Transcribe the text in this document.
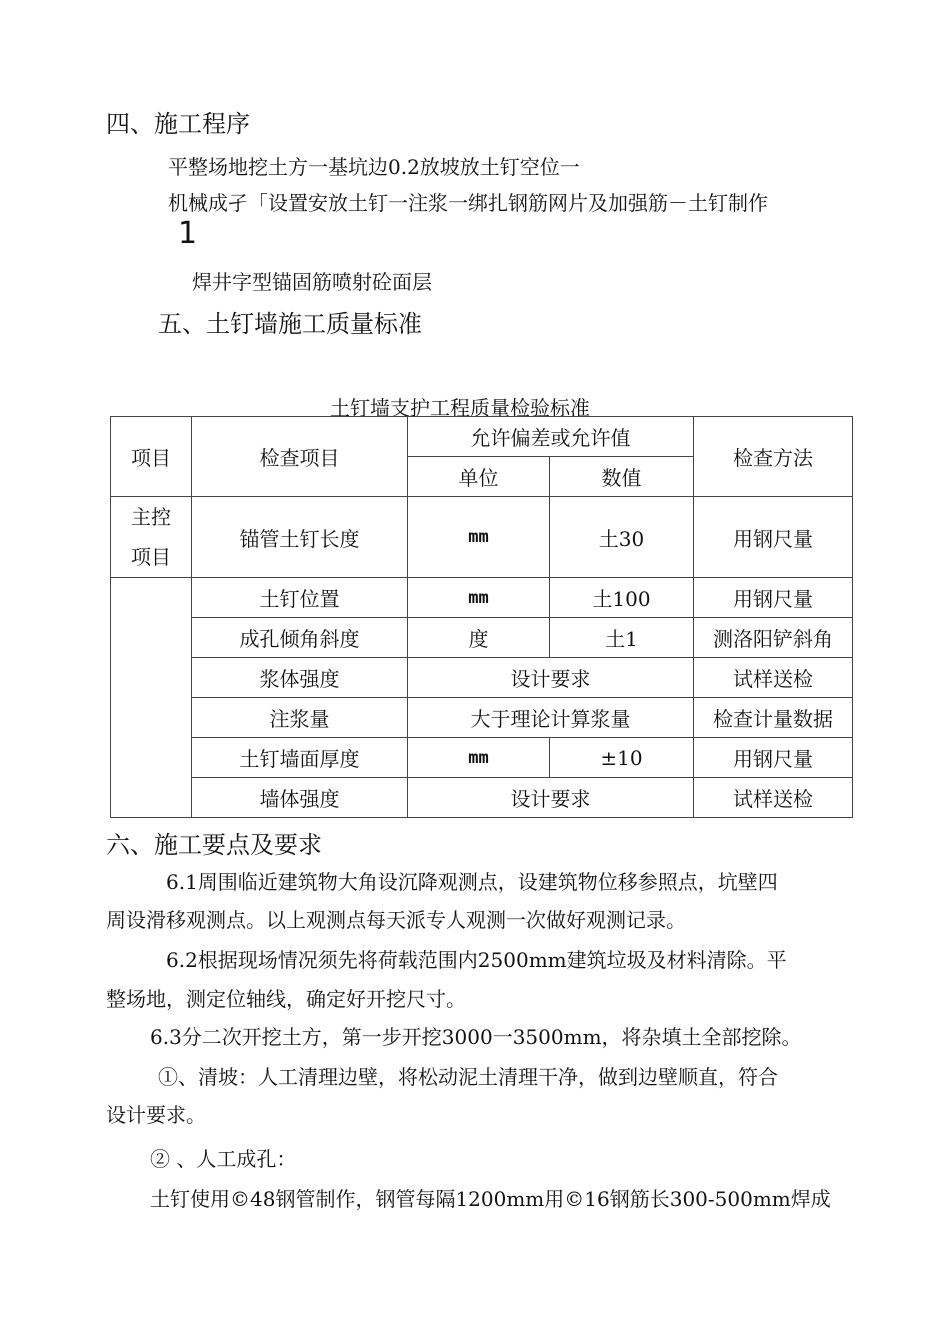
四、施工程序
平整场地挖土方一基坑边0.2放坡放土钉空位一
机械成孑「设置安放土钉一注浆一绑扎钢筋网片及加强筋－土钉制作
1
焊井字型锚固筋喷射砼面层
五、土钉墙施工质量标准
土钉墙支护工程质量检验标准
项目	检查项目	允许偏差或允许值		检查方法
		单位	数值	

主控
项目	锚管土钉长度	mm	土30	用钢尺量
	土钉位置	mm	土100	用钢尺量
	成孔倾角斜度	度	土1	测洛阳铲斜角
	浆体强度	设计要求		试样送检
	注浆量	大于理论计算浆量		检查计量数据
	土钉墙面厚度	mm	±10	用钢尺量
	墙体强度	设计要求		试样送检
六、施工要点及要求
6.1周围临近建筑物大角设沉降观测点，设建筑物位移参照点，坑壁四
周设滑移观测点。以上观测点每天派专人观测一次做好观测记录。
6.2根据现场情况须先将荷载范围内2500mm建筑垃圾及材料清除。平
整场地，测定位轴线，确定好开挖尺寸。
6.3分二次开挖土方，第一步开挖3000一3500mm，将杂填土全部挖除。
①、清坡：人工清理边壁，将松动泥土清理干净，做到边壁顺直，符合
设计要求。
② 、人工成孔：
土钉使用©48钢管制作，钢管每隔1200mm用©16钢筋长300-500mm焊成
